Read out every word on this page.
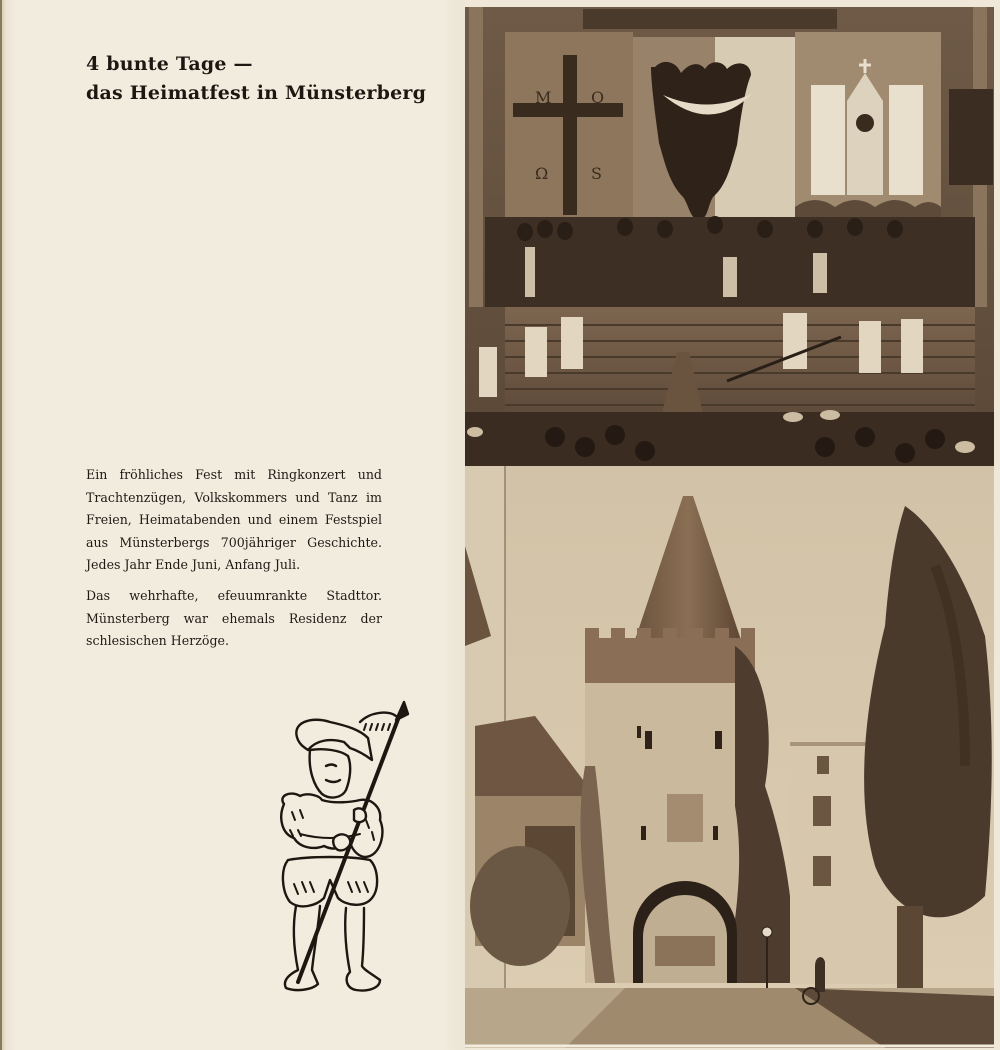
4 bunte Tage —
das Heimatfest in Münsterberg

Ein fröhliches Fest mit Ringkonzert und Trachtenzügen, Volkskommers und Tanz im Freien, Heimatabenden und einem Festspiel aus Münsterbergs 700jähriger Geschichte. Jedes Jahr Ende Juni, Anfang Juli.

Das wehrhafte, efeuumrankte Stadttor. Münsterberg war ehemals Residenz der schlesischen Herzöge.

M O
Ω	S
